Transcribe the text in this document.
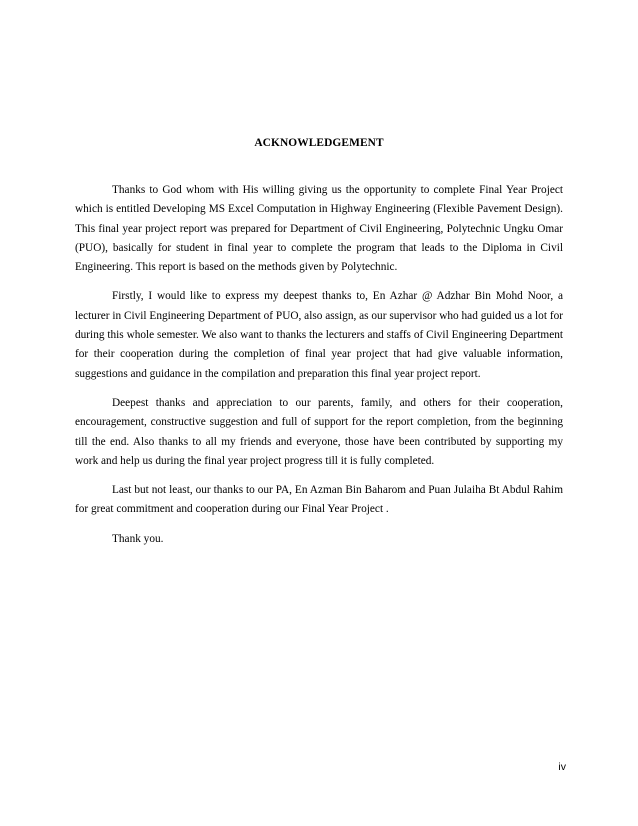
ACKNOWLEDGEMENT

Thanks to God whom with His willing giving us the opportunity to complete Final Year Project which is entitled Developing MS Excel Computation in Highway Engineering (Flexible Pavement Design). This final year project report was prepared for Department of Civil Engineering, Polytechnic Ungku Omar (PUO), basically for student in final year to complete the program that leads to the Diploma in Civil Engineering. This report is based on the methods given by Polytechnic.

Firstly, I would like to express my deepest thanks to, En Azhar @ Adzhar Bin Mohd Noor, a lecturer in Civil Engineering Department of PUO, also assign, as our supervisor who had guided us a lot for during this whole semester. We also want to thanks the lecturers and staffs of Civil Engineering Department for their cooperation during the completion of final year project that had give valuable information, suggestions and guidance in the compilation and preparation this final year project report.

Deepest thanks and appreciation to our parents, family, and others for their cooperation, encouragement, constructive suggestion and full of support for the report completion, from the beginning till the end. Also thanks to all my friends and everyone, those have been contributed by supporting my work and help us during the final year project progress till it is fully completed.

Last but not least, our thanks to our PA, En Azman Bin Baharom and Puan Julaiha Bt Abdul Rahim for great commitment and cooperation during our Final Year Project .

Thank you.

iv
